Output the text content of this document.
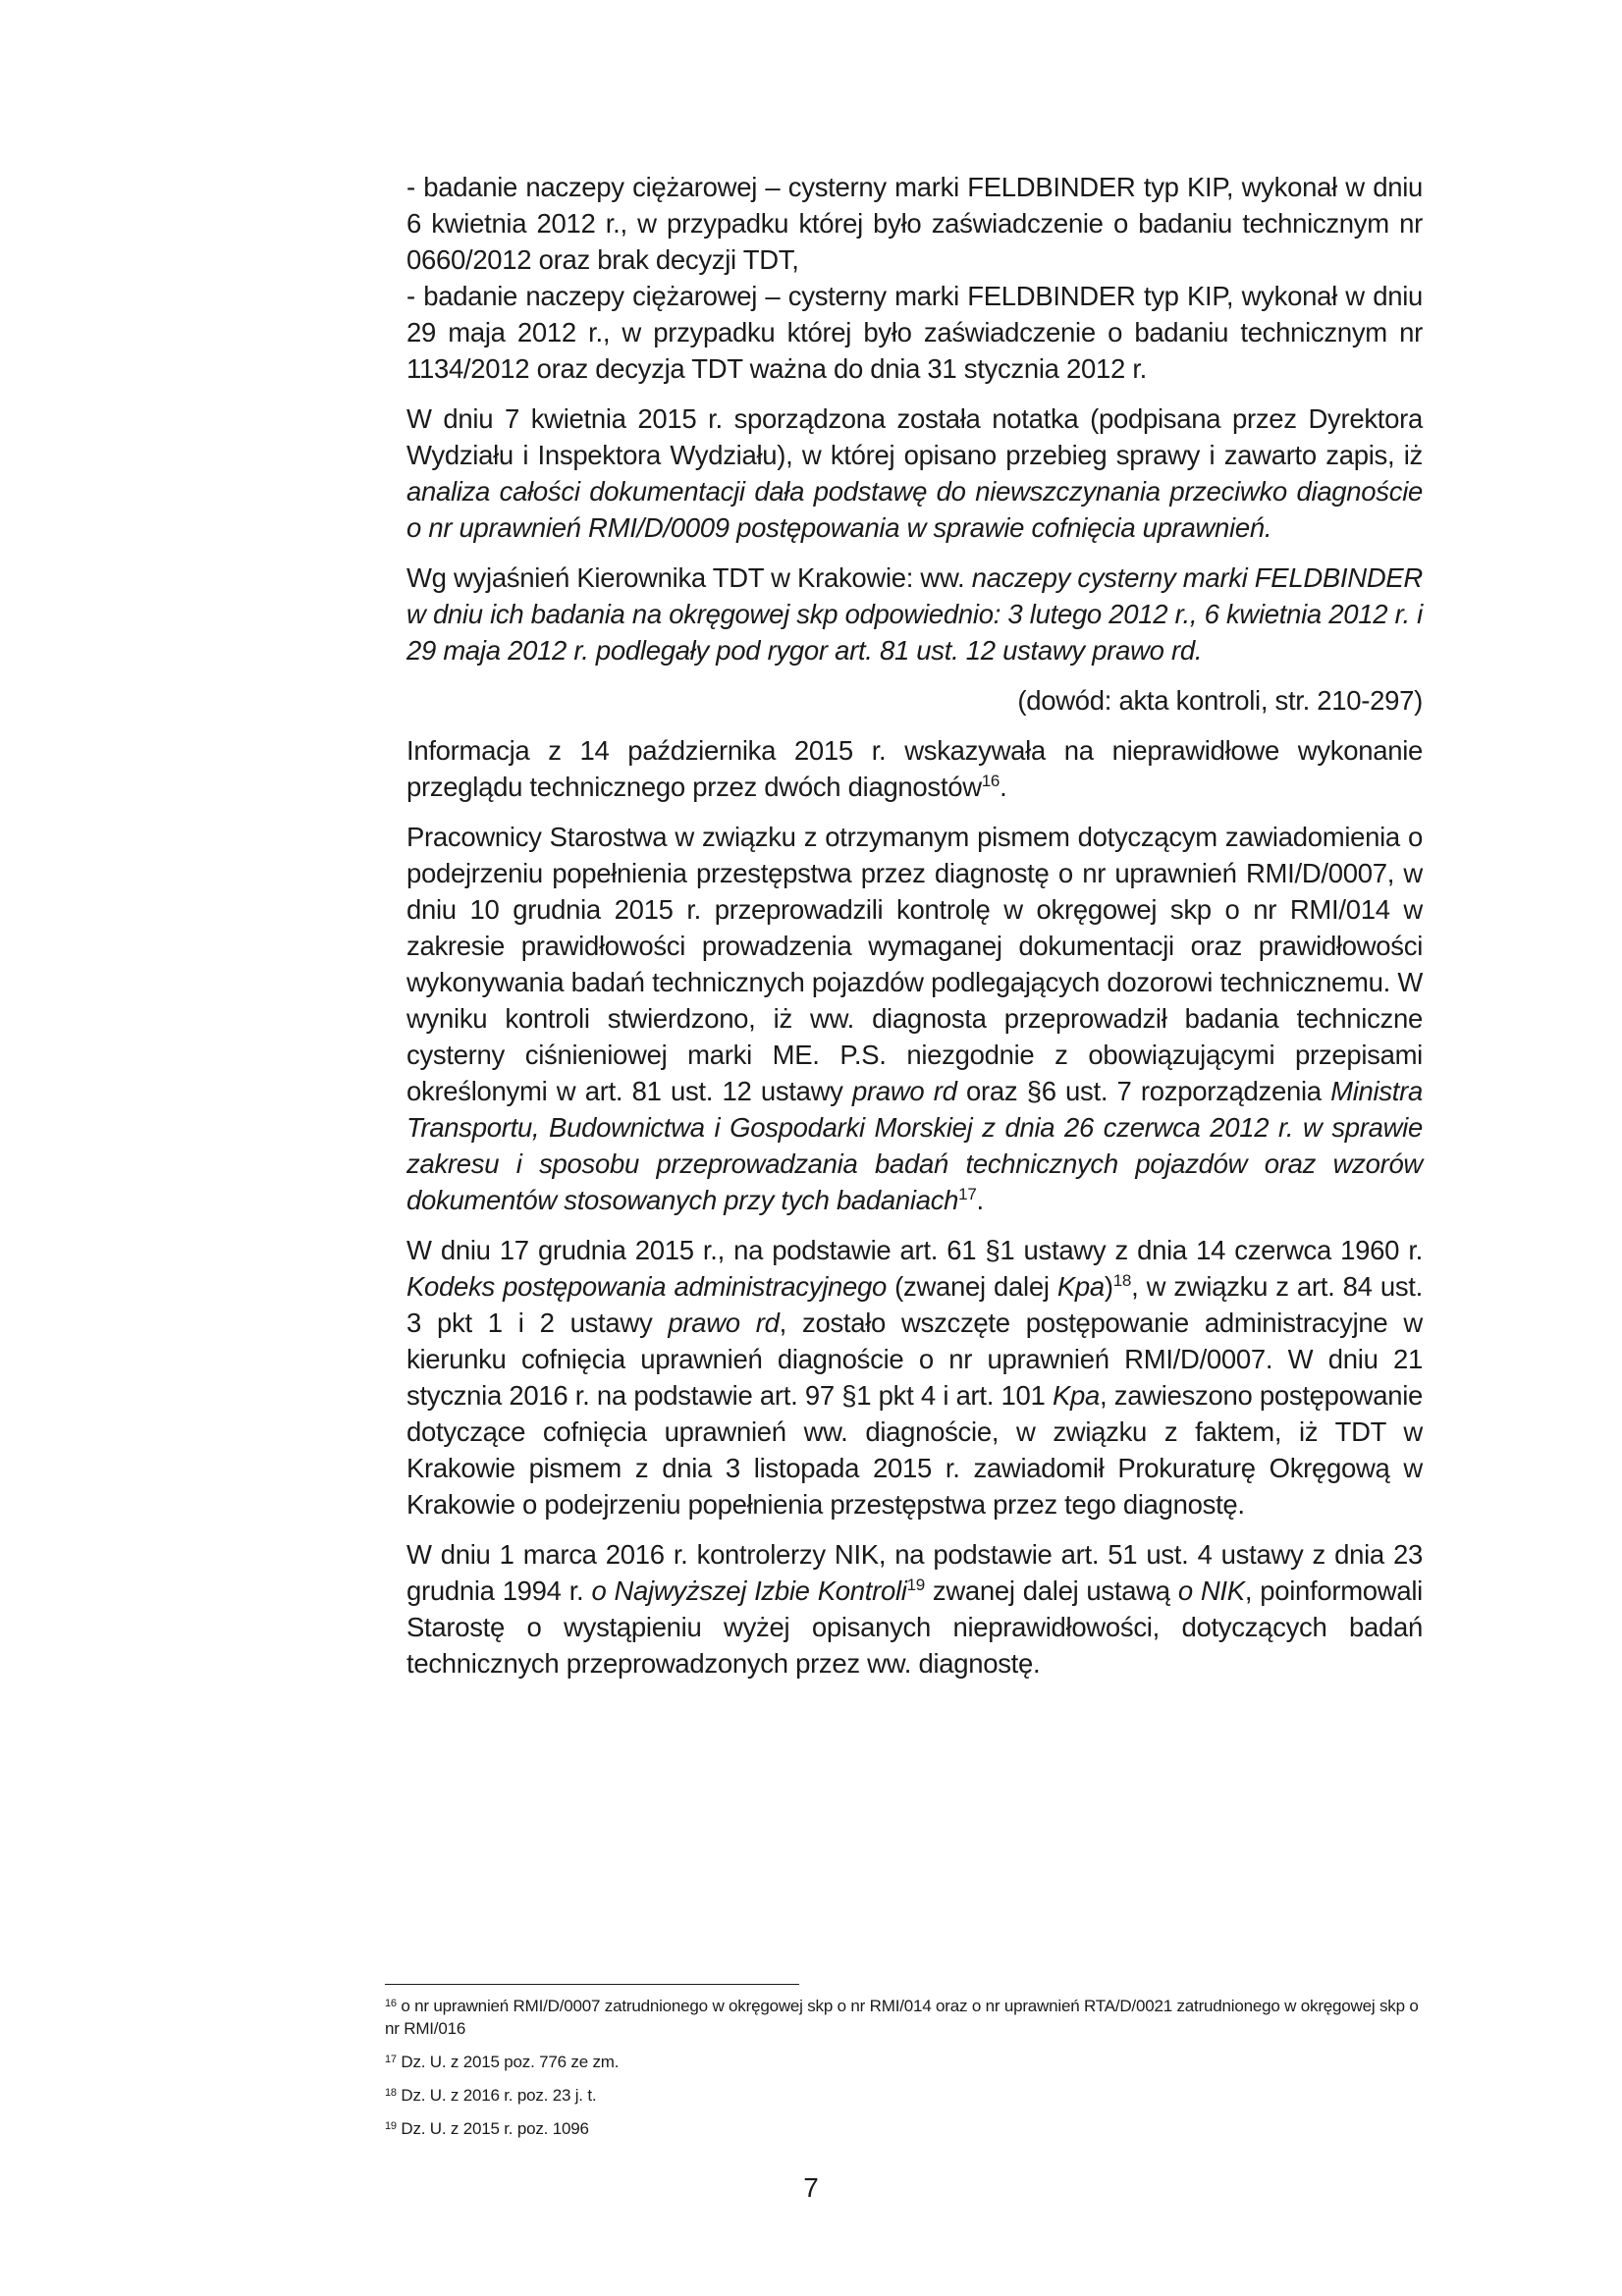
- badanie naczepy ciężarowej – cysterny marki FELDBINDER typ KIP, wykonał w dniu 6 kwietnia 2012 r., w przypadku której było zaświadczenie o badaniu technicznym nr 0660/2012 oraz brak decyzji TDT,

- badanie naczepy ciężarowej – cysterny marki FELDBINDER typ KIP, wykonał w dniu 29 maja 2012 r., w przypadku której było zaświadczenie o badaniu technicznym nr 1134/2012 oraz decyzja TDT ważna do dnia 31 stycznia 2012 r.

W dniu 7 kwietnia 2015 r. sporządzona została notatka (podpisana przez Dyrektora Wydziału i Inspektora Wydziału), w której opisano przebieg sprawy i zawarto zapis, iż analiza całości dokumentacji dała podstawę do niewszczynania przeciwko diagnoście o nr uprawnień RMI/D/0009 postępowania w sprawie cofnięcia uprawnień.

Wg wyjaśnień Kierownika TDT w Krakowie: ww. naczepy cysterny marki FELDBINDER w dniu ich badania na okręgowej skp odpowiednio: 3 lutego 2012 r., 6 kwietnia 2012 r. i 29 maja 2012 r. podlegały pod rygor art. 81 ust. 12 ustawy prawo rd.

(dowód: akta kontroli, str. 210-297)

Informacja z 14 października 2015 r. wskazywała na nieprawidłowe wykonanie przeglądu technicznego przez dwóch diagnostów$^{16}$.

Pracownicy Starostwa w związku z otrzymanym pismem dotyczącym zawiadomienia o podejrzeniu popełnienia przestępstwa przez diagnostę o nr uprawnień RMI/D/0007, w dniu 10 grudnia 2015 r. przeprowadzili kontrolę w okręgowej skp o nr RMI/014 w zakresie prawidłowości prowadzenia wymaganej dokumentacji oraz prawidłowości wykonywania badań technicznych pojazdów podlegających dozorowi technicznemu. W wyniku kontroli stwierdzono, iż ww. diagnosta przeprowadził badania techniczne cysterny ciśnieniowej marki ME. P.S. niezgodnie z obowiązującymi przepisami określonymi w art. 81 ust. 12 ustawy prawo rd oraz §6 ust. 7 rozporządzenia Ministra Transportu, Budownictwa i Gospodarki Morskiej z dnia 26 czerwca 2012 r. w sprawie zakresu i sposobu przeprowadzania badań technicznych pojazdów oraz wzorów dokumentów stosowanych przy tych badaniach$^{17}$.

W dniu 17 grudnia 2015 r., na podstawie art. 61 §1 ustawy z dnia 14 czerwca 1960 r. Kodeks postępowania administracyjnego (zwanej dalej Kpa)$^{18}$, w związku z art. 84 ust. 3 pkt 1 i 2 ustawy prawo rd, zostało wszczęte postępowanie administracyjne w kierunku cofnięcia uprawnień diagnoście o nr uprawnień RMI/D/0007. W dniu 21 stycznia 2016 r. na podstawie art. 97 §1 pkt 4 i art. 101 Kpa, zawieszono postępowanie dotyczące cofnięcia uprawnień ww. diagnoście, w związku z faktem, iż TDT w Krakowie pismem z dnia 3 listopada 2015 r. zawiadomił Prokuraturę Okręgową w Krakowie o podejrzeniu popełnienia przestępstwa przez tego diagnostę.

W dniu 1 marca 2016 r. kontrolerzy NIK, na podstawie art. 51 ust. 4 ustawy z dnia 23 grudnia 1994 r. o Najwyższej Izbie Kontroli$^{19}$ zwanej dalej ustawą o NIK, poinformowali Starostę o wystąpieniu wyżej opisanych nieprawidłowości, dotyczących badań technicznych przeprowadzonych przez ww. diagnostę.

$^{16}$ o nr uprawnień RMI/D/0007 zatrudnionego w okręgowej skp o nr RMI/014 oraz o nr uprawnień RTA/D/0021 zatrudnionego w okręgowej skp o nr RMI/016

$^{17}$ Dz. U. z 2015 poz. 776 ze zm.

$^{18}$ Dz. U. z 2016 r. poz. 23 j. t.

$^{19}$ Dz. U. z 2015 r. poz. 1096

7
